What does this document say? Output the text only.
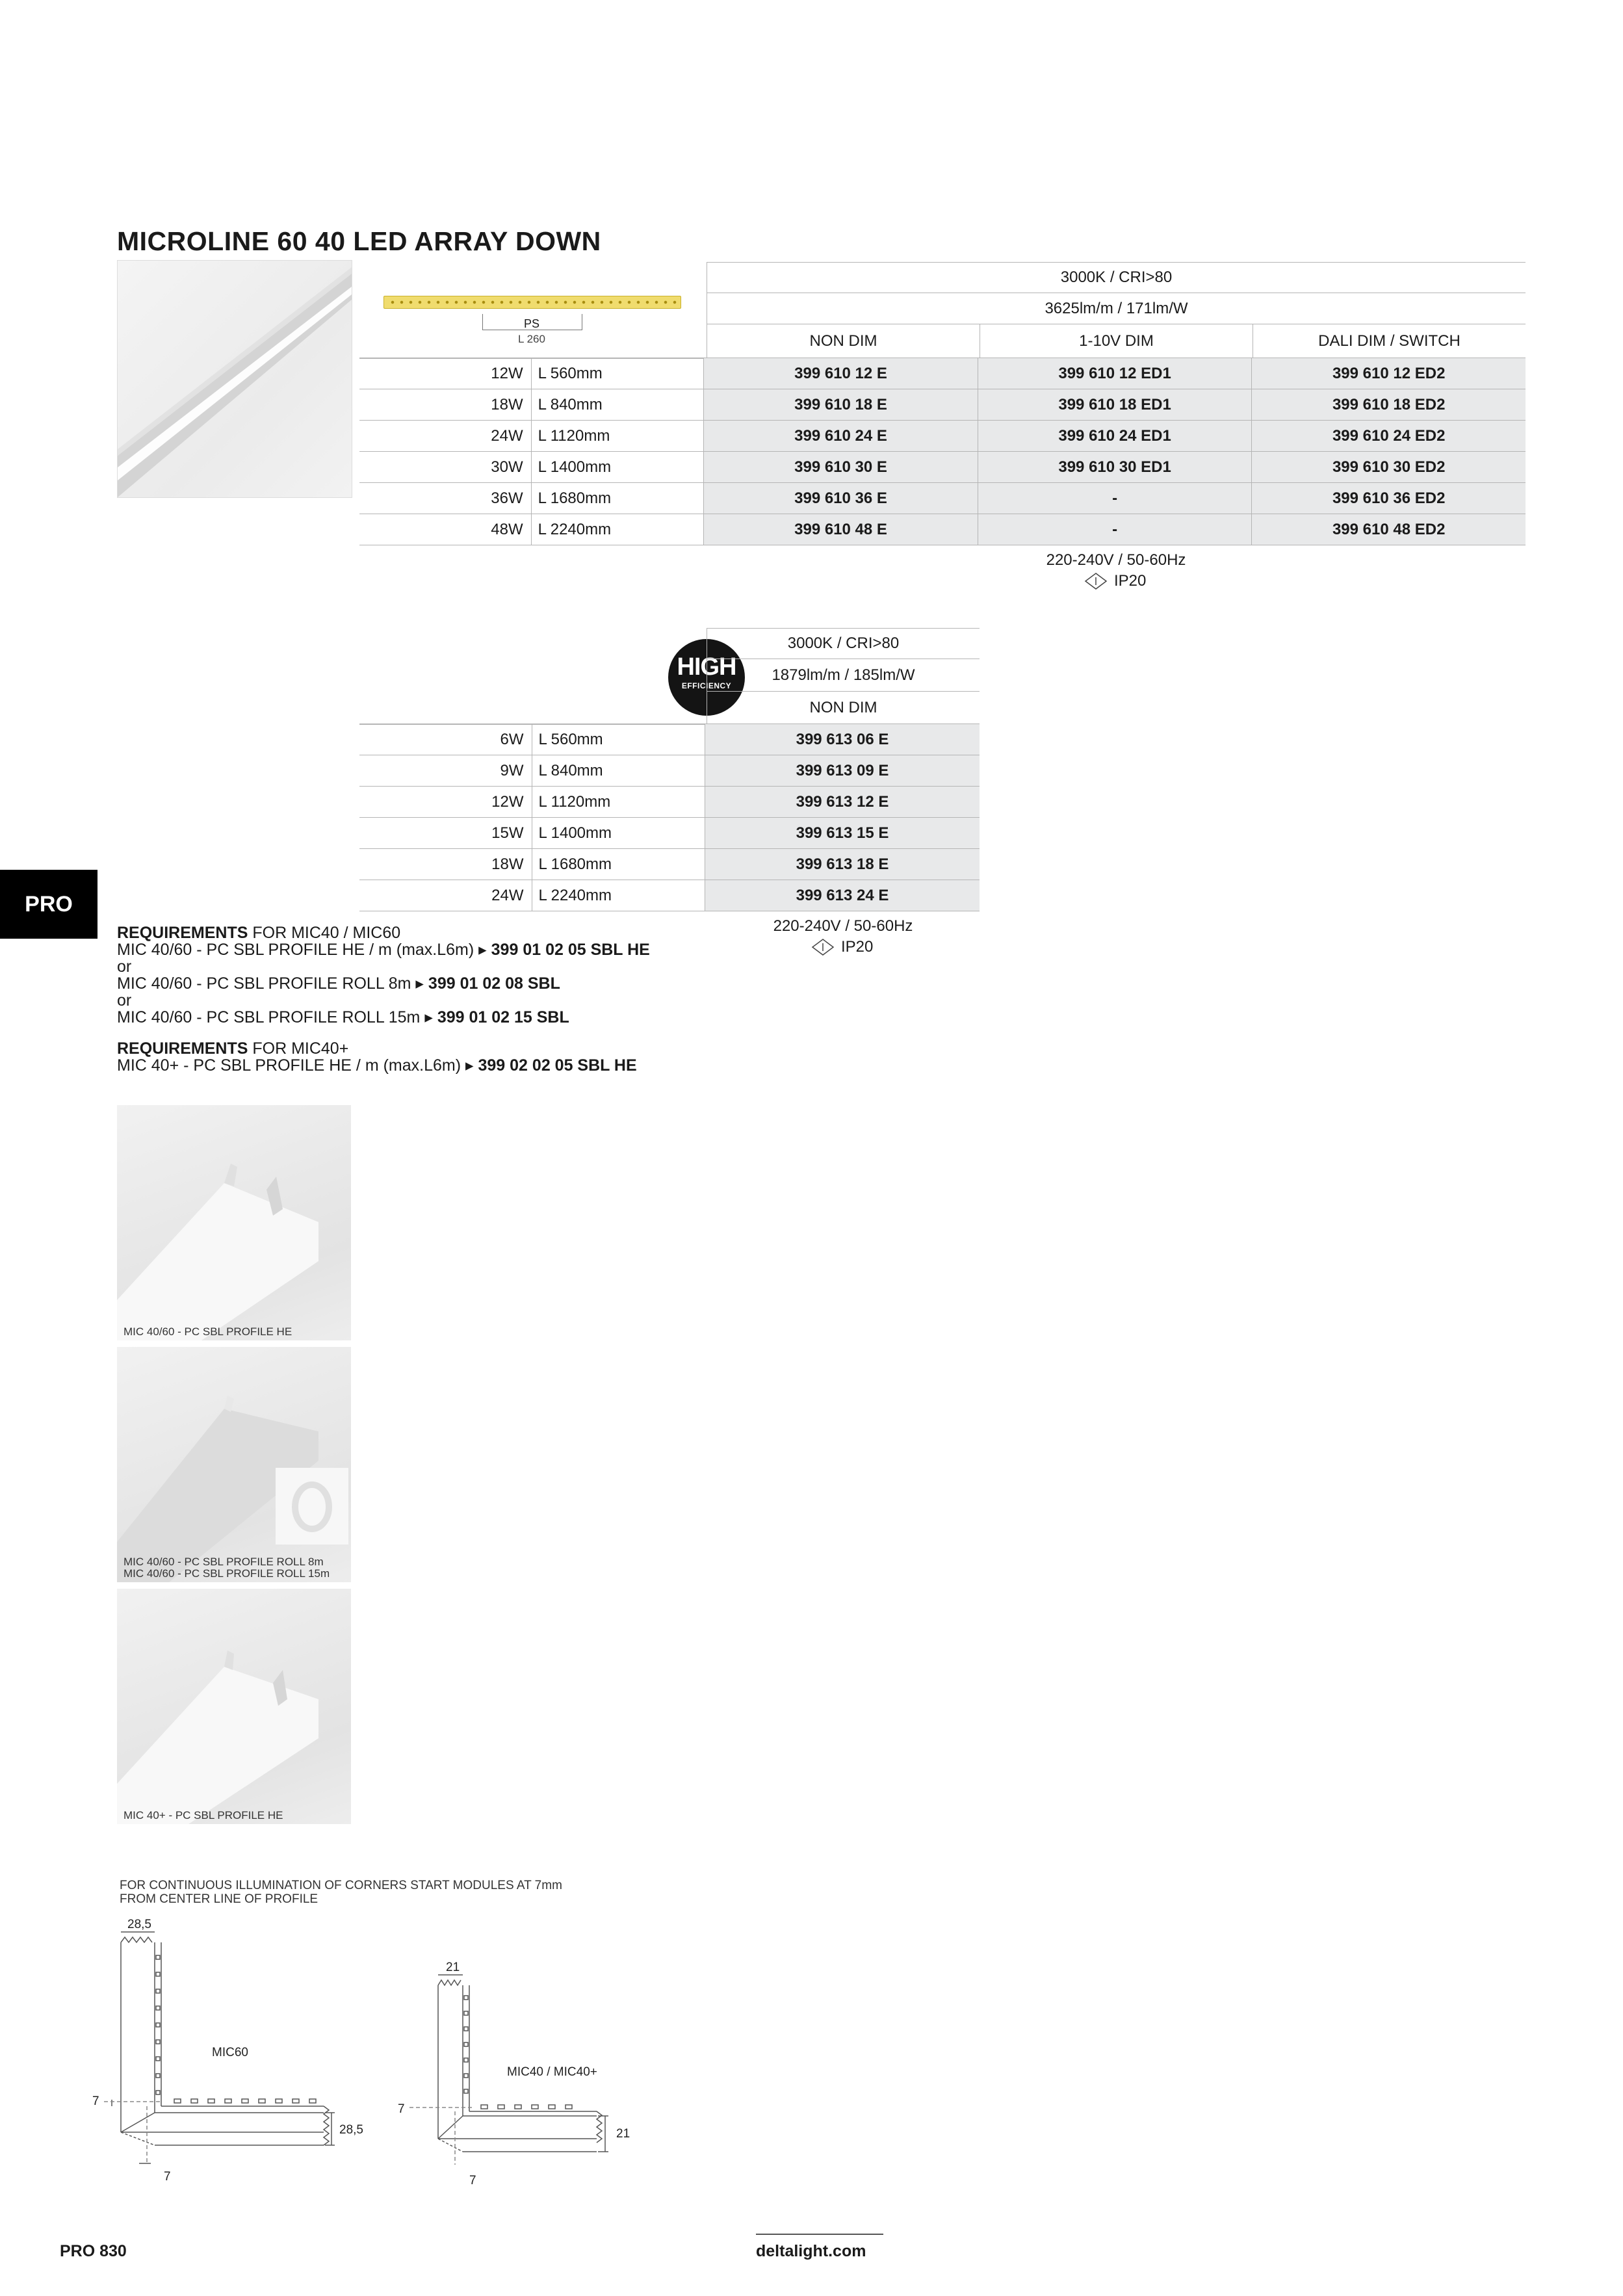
MICROLINE 60 40 LED ARRAY DOWN
PS
L 260
3000K / CRI>80
3625lm/m / 171lm/W
NON DIM	1-10V DIM	DALI DIM / SWITCH
12W	L 560mm	399 610 12 E	399 610 12 ED1	399 610 12 ED2
18W	L 840mm	399 610 18 E	399 610 18 ED1	399 610 18 ED2
24W	L 1120mm	399 610 24 E	399 610 24 ED1	399 610 24 ED2
30W	L 1400mm	399 610 30 E	399 610 30 ED1	399 610 30 ED2
36W	L 1680mm	399 610 36 E	-	399 610 36 ED2
48W	L 2240mm	399 610 48 E	-	399 610 48 ED2
220-240V / 50-60Hz
IP20
HIGH
EFFICIENCY
3000K / CRI>80
1879lm/m / 185lm/W
NON DIM
6W	L 560mm	399 613 06 E
9W	L 840mm	399 613 09 E
12W	L 1120mm	399 613 12 E
15W	L 1400mm	399 613 15 E
18W	L 1680mm	399 613 18 E
24W	L 2240mm	399 613 24 E
220-240V / 50-60Hz
IP20
PRO
REQUIREMENTS FOR MIC40 / MIC60
MIC 40/60 - PC SBL PROFILE HE / m (max.L6m) ▸ 399 01 02 05 SBL HE
or
MIC 40/60 - PC SBL PROFILE ROLL 8m ▸ 399 01 02 08 SBL
or
MIC 40/60 - PC SBL PROFILE ROLL 15m ▸ 399 01 02 15 SBL
REQUIREMENTS FOR MIC40+
MIC 40+ - PC SBL PROFILE HE / m (max.L6m) ▸ 399 02 02 05 SBL HE
MIC 40/60 - PC SBL PROFILE HE
MIC 40/60 - PC SBL PROFILE ROLL 8m
MIC 40/60 - PC SBL PROFILE ROLL 15m
MIC 40+ - PC SBL PROFILE HE
FOR CONTINUOUS ILLUMINATION OF CORNERS START MODULES AT 7mm
FROM CENTER LINE OF PROFILE
28,5
MIC60
7
28,5
7
21
MIC40 / MIC40+
7
21
7
PRO 830	deltalight.com
